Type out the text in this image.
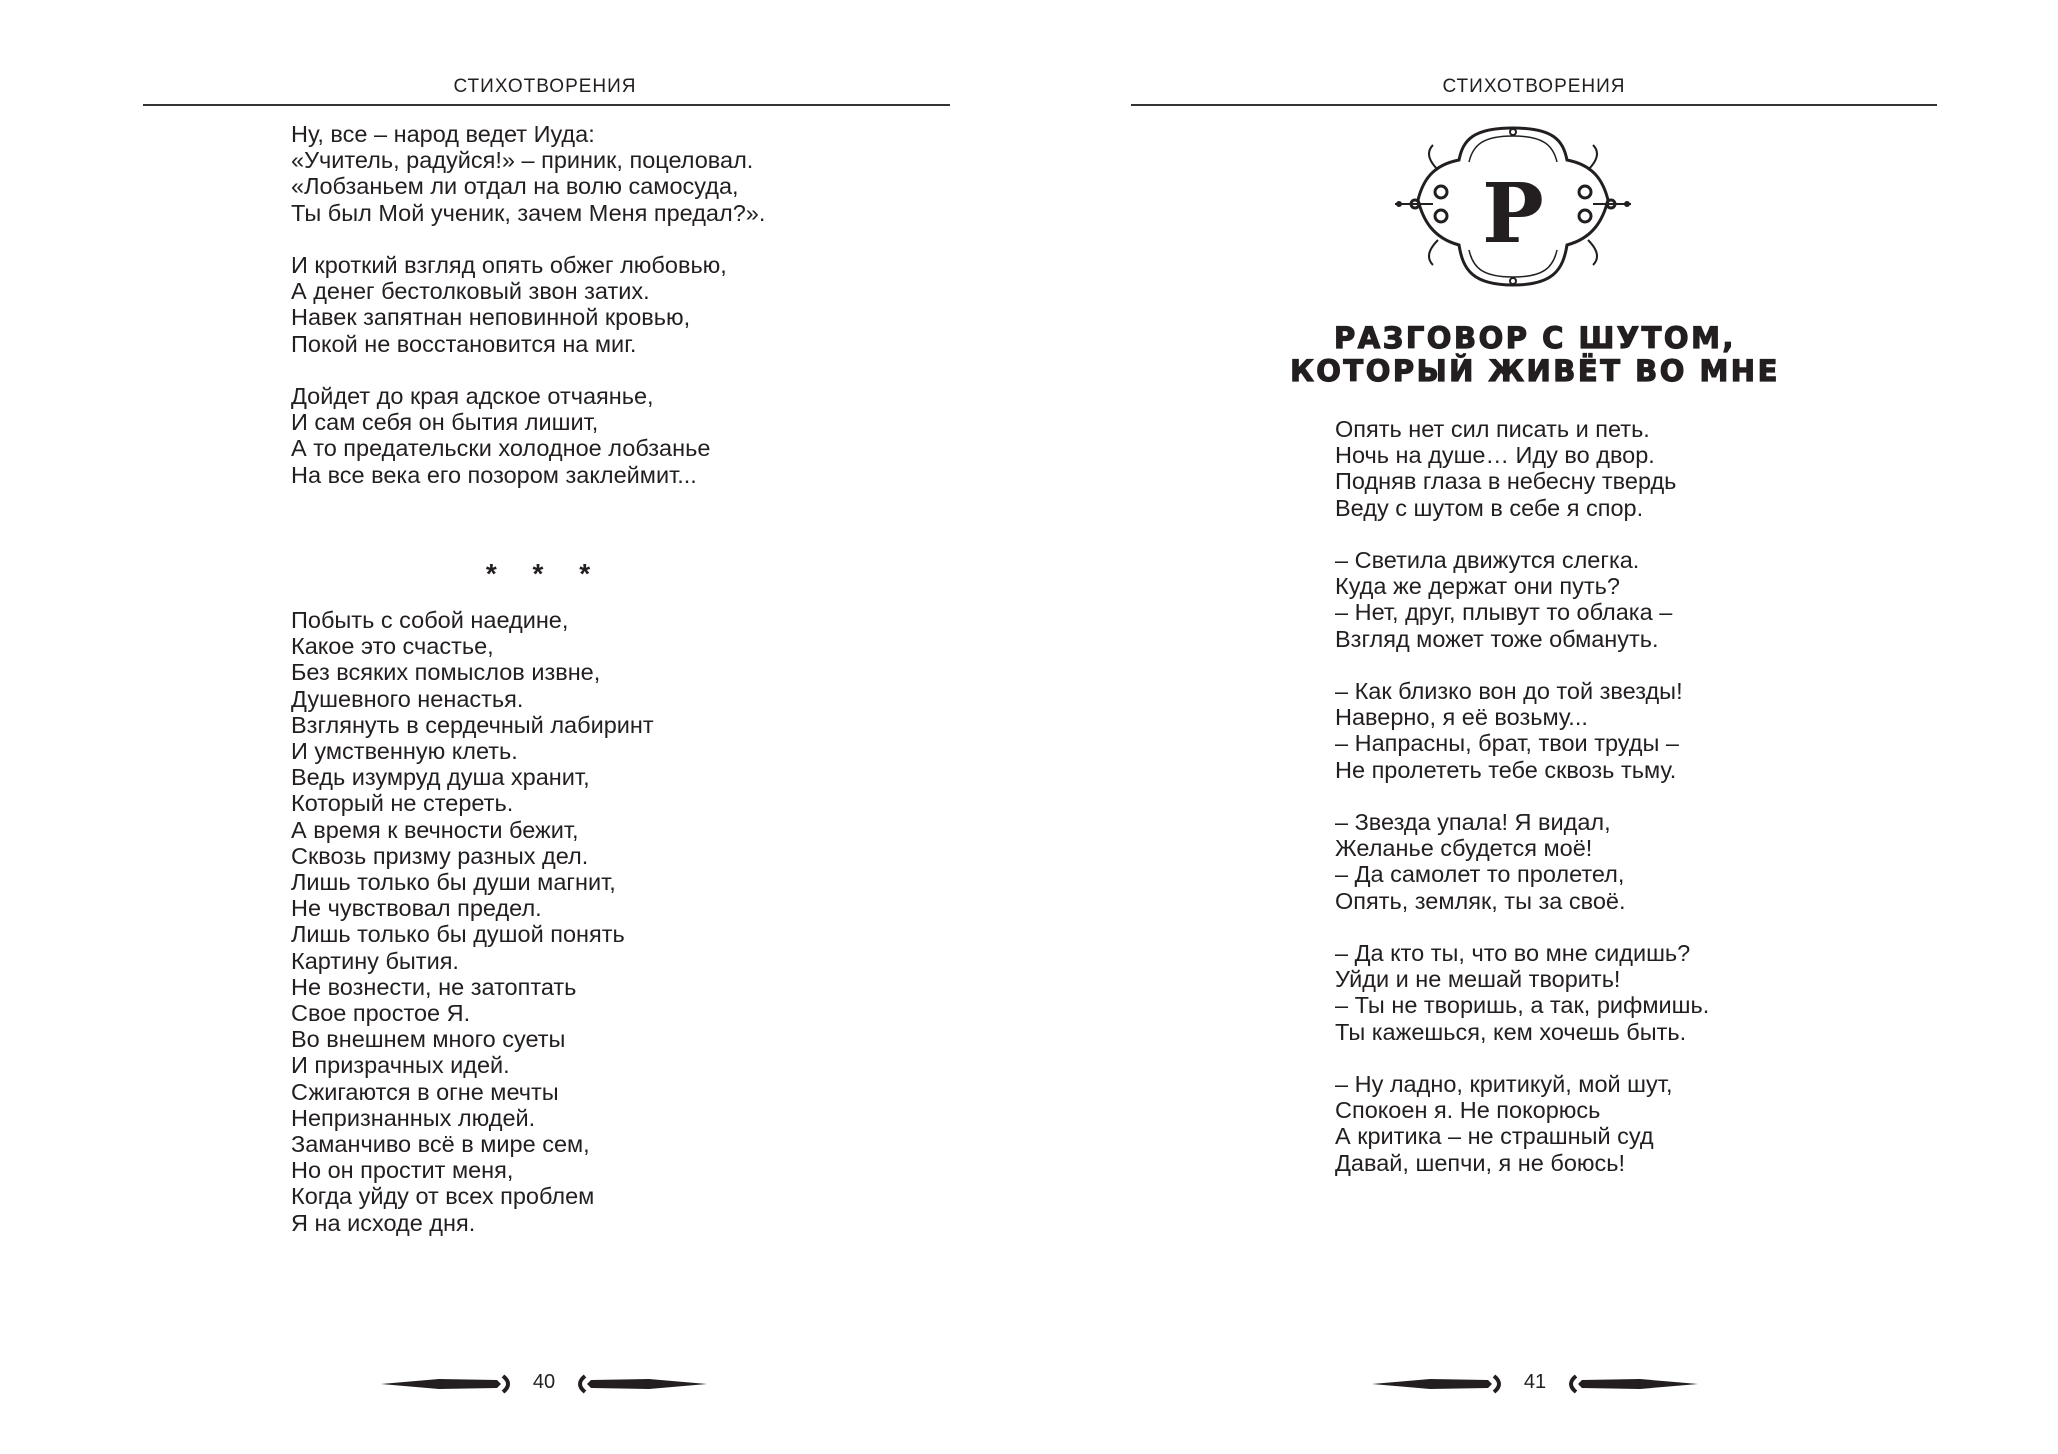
СТИХОТВОРЕНИЯ
Ну, все – народ ведет Иуда:
«Учитель, радуйся!» – приник, поцеловал.
«Лобзаньем ли отдал на волю самосуда,
Ты был Мой ученик, зачем Меня предал?».
И кроткий взгляд опять обжег любовью,
А денег бестолковый звон затих.
Навек запятнан неповинной кровью,
Покой не восстановится на миг.
Дойдет до края адское отчаянье,
И сам себя он бытия лишит,
А то предательски холодное лобзанье
На все века его позором заклеймит...
* * *
Побыть с собой наедине,
Какое это счастье,
Без всяких помыслов извне,
Душевного ненастья.
Взглянуть в сердечный лабиринт
И умственную клеть.
Ведь изумруд душа хранит,
Который не стереть.
А время к вечности бежит,
Сквозь призму разных дел.
Лишь только бы души магнит,
Не чувствовал предел.
Лишь только бы душой понять
Картину бытия.
Не вознести, не затоптать
Свое простое Я.
Во внешнем много суеты
И призрачных идей.
Сжигаются в огне мечты
Непризнанных людей.
Заманчиво всё в мире сем,
Но он простит меня,
Когда уйду от всех проблем
Я на исходе дня.
40
СТИХОТВОРЕНИЯ
Р
РАЗГОВОР С ШУТОМ,
КОТОРЫЙ ЖИВЁТ ВО МНЕ
Опять нет сил писать и петь.
Ночь на душе… Иду во двор.
Подняв глаза в небесну твердь
Веду с шутом в себе я спор.
– Светила движутся слегка.
Куда же держат они путь?
– Нет, друг, плывут то облака –
Взгляд может тоже обмануть.
– Как близко вон до той звезды!
Наверно, я её возьму...
– Напрасны, брат, твои труды –
Не пролететь тебе сквозь тьму.
– Звезда упала! Я видал,
Желанье сбудется моё!
– Да самолет то пролетел,
Опять, земляк, ты за своё.
– Да кто ты, что во мне сидишь?
Уйди и не мешай творить!
– Ты не творишь, а так, рифмишь.
Ты кажешься, кем хочешь быть.
– Ну ладно, критикуй, мой шут,
Спокоен я. Не покорюсь
А критика – не страшный суд
Давай, шепчи, я не боюсь!
41
